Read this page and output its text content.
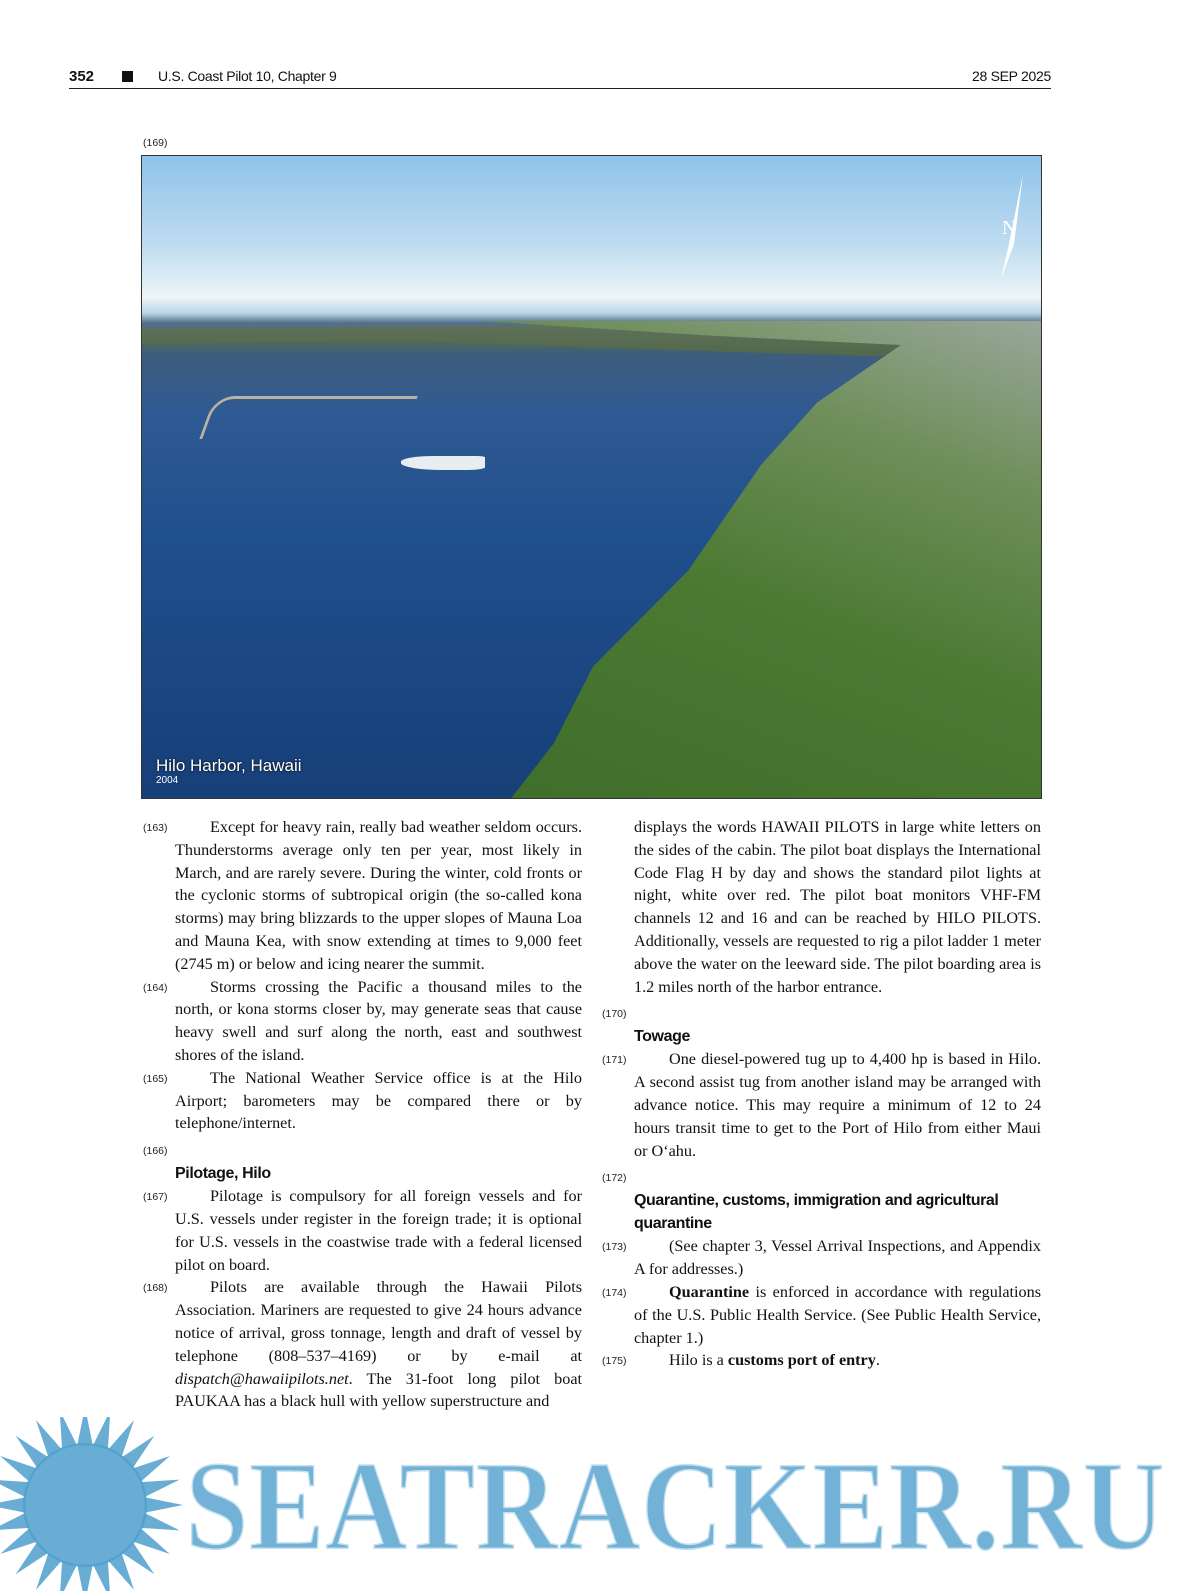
352	U.S. Coast Pilot 10, Chapter 9	28 SEP 2025
(169)
N
Hilo Harbor, Hawaii
2004
(163)	Except for heavy rain, really bad weather seldom occurs. Thunderstorms average only ten per year, most likely in March, and are rarely severe. During the winter, cold fronts or the cyclonic storms of subtropical origin (the so-called kona storms) may bring blizzards to the upper slopes of Mauna Loa and Mauna Kea, with snow extending at times to 9,000 feet (2745 m) or below and icing nearer the summit.
(164)	Storms crossing the Pacific a thousand miles to the north, or kona storms closer by, may generate seas that cause heavy swell and surf along the north, east and southwest shores of the island.
(165)	The National Weather Service office is at the Hilo Airport; barometers may be compared there or by telephone/internet.
(166)
Pilotage, Hilo
(167)	Pilotage is compulsory for all foreign vessels and for U.S. vessels under register in the foreign trade; it is optional for U.S. vessels in the coastwise trade with a federal licensed pilot on board.
(168)	Pilots are available through the Hawaii Pilots Association. Mariners are requested to give 24 hours advance notice of arrival, gross tonnage, length and draft of vessel by telephone (808–537–4169) or by e-mail at dispatch@hawaiipilots.net. The 31-foot long pilot boat PAUKAA has a black hull with yellow superstructure and
displays the words HAWAII PILOTS in large white letters on the sides of the cabin. The pilot boat displays the International Code Flag H by day and shows the standard pilot lights at night, white over red. The pilot boat monitors VHF-FM channels 12 and 16 and can be reached by HILO PILOTS. Additionally, vessels are requested to rig a pilot ladder 1 meter above the water on the leeward side. The pilot boarding area is 1.2 miles north of the harbor entrance.
(170)
Towage
(171)	One diesel-powered tug up to 4,400 hp is based in Hilo. A second assist tug from another island may be arranged with advance notice. This may require a minimum of 12 to 24 hours transit time to get to the Port of Hilo from either Maui or O‘ahu.
(172)
Quarantine, customs, immigration and agricultural quarantine
(173)	(See chapter 3, Vessel Arrival Inspections, and Appendix A for addresses.)
(174)	Quarantine is enforced in accordance with regulations of the U.S. Public Health Service. (See Public Health Service, chapter 1.)
(175)	Hilo is a customs port of entry.
SEATRACKER.RU
